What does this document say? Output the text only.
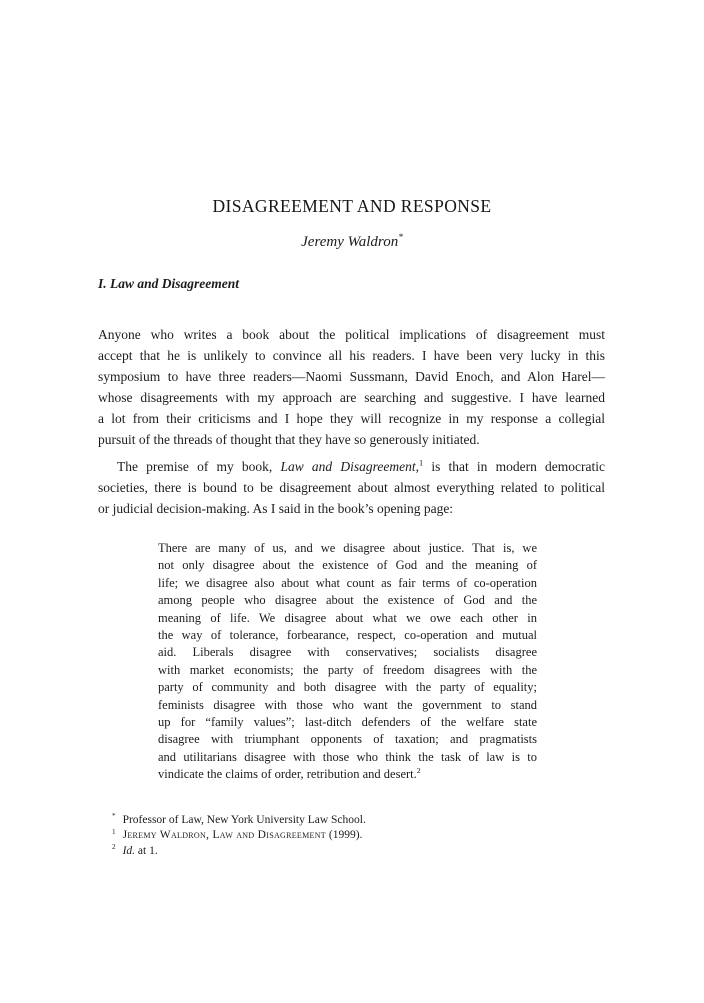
DISAGREEMENT AND RESPONSE
Jeremy Waldron*
I. Law and Disagreement
Anyone who writes a book about the political implications of disagreement must
accept that he is unlikely to convince all his readers. I have been very lucky in this
symposium to have three readers—Naomi Sussmann, David Enoch, and Alon Harel—
whose disagreements with my approach are searching and suggestive. I have learned
a lot from their criticisms and I hope they will recognize in my response a collegial
pursuit of the threads of thought that they have so generously initiated.
The premise of my book, Law and Disagreement,$^1$ is that in modern democratic
societies, there is bound to be disagreement about almost everything related to political
or judicial decision-making. As I said in the book’s opening page:
There are many of us, and we disagree about justice. That is, we
not only disagree about the existence of God and the meaning of
life; we disagree also about what count as fair terms of co-operation
among people who disagree about the existence of God and the
meaning of life. We disagree about what we owe each other in
the way of tolerance, forbearance, respect, co-operation and mutual
aid. Liberals disagree with conservatives; socialists disagree
with market economists; the party of freedom disagrees with the
party of community and both disagree with the party of equality;
feminists disagree with those who want the government to stand
up for “family values”; last-ditch defenders of the welfare state
disagree with triumphant opponents of taxation; and pragmatists
and utilitarians disagree with those who think the task of law is to
vindicate the claims of order, retribution and desert.$^2$
* Professor of Law, New York University Law School.
$^1$ Jeremy Waldron, Law and Disagreement (1999).
$^2$ Id. at 1.
